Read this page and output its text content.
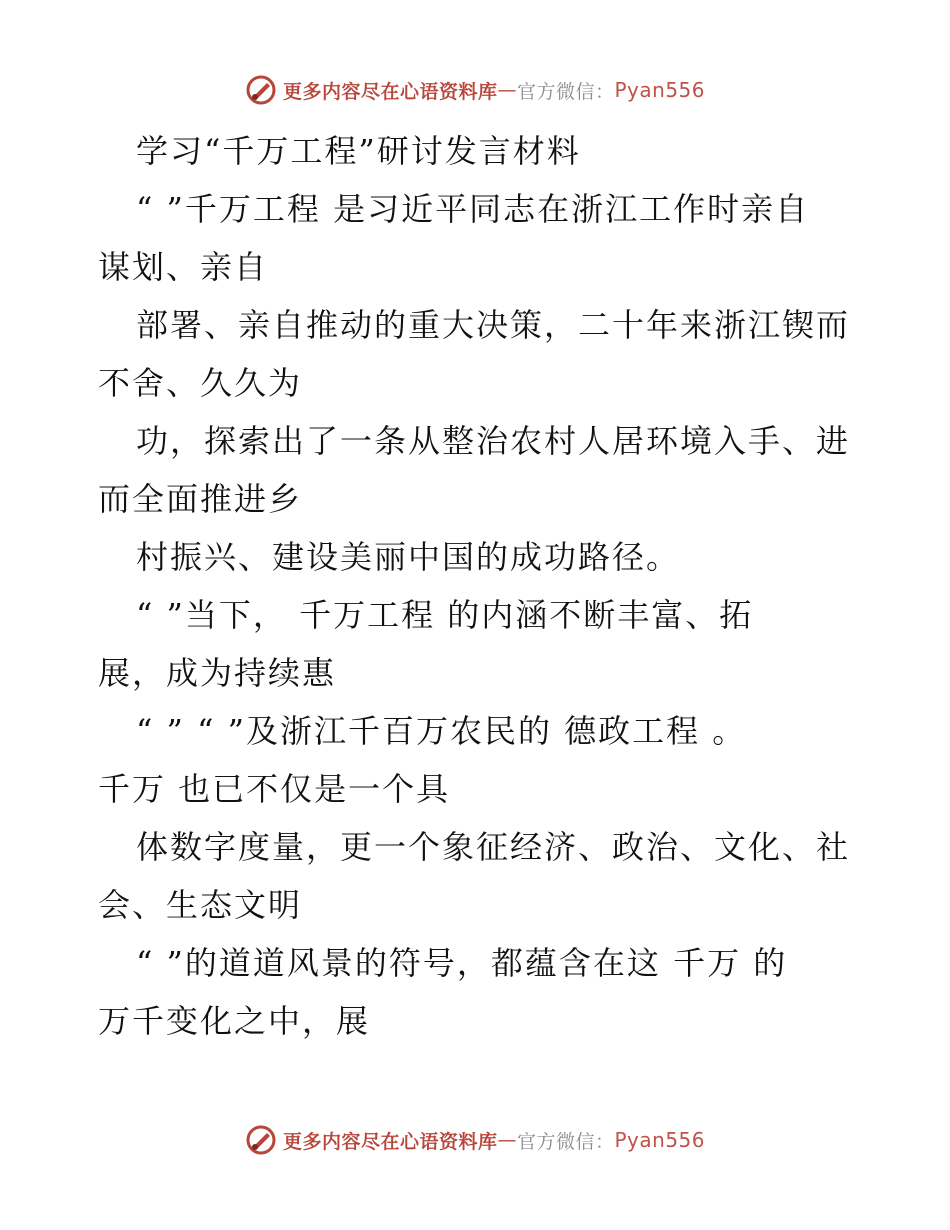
更多内容尽在心语资料库 — 官方微信： Pyan556
学习“千万工程”研讨发言材料
“ ”千万工程 是习近平同志在浙江工作时亲自
谋划、亲自
部署、亲自推动的重大决策，二十年来浙江锲而
不舍、久久为
功，探索出了一条从整治农村人居环境入手、进
而全面推进乡
村振兴、建设美丽中国的成功路径。
“ ”当下， 千万工程 的内涵不断丰富、拓
展，成为持续惠
“ ” “ ”及浙江千百万农民的 德政工程 。
千万 也已不仅是一个具
体数字度量，更一个象征经济、政治、文化、社
会、生态文明
“ ”的道道风景的符号，都蕴含在这 千万 的
万千变化之中，展
更多内容尽在心语资料库 — 官方微信： Pyan556
